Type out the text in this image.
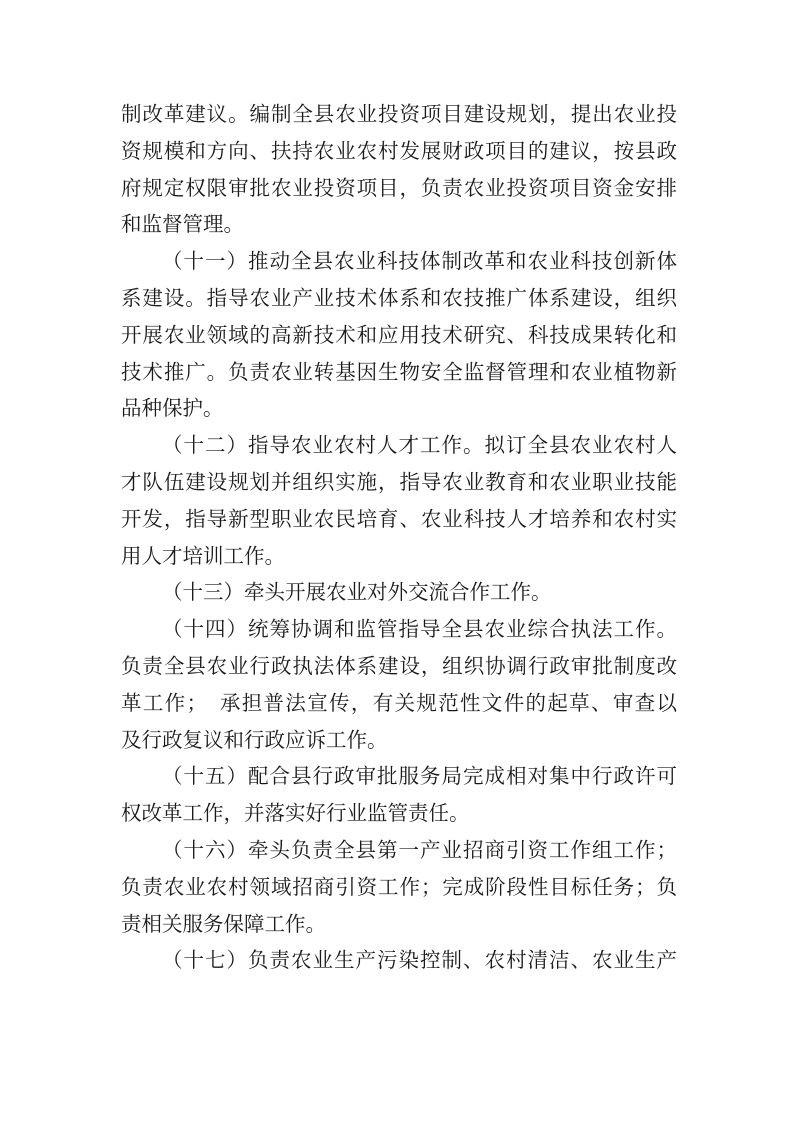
制改革建议。编制全县农业投资项目建设规划，提出农业投
资规模和方向、扶持农业农村发展财政项目的建议，按县政
府规定权限审批农业投资项目，负责农业投资项目资金安排
和监督管理。
（十一）推动全县农业科技体制改革和农业科技创新体
系建设。指导农业产业技术体系和农技推广体系建设，组织
开展农业领域的高新技术和应用技术研究、科技成果转化和
技术推广。负责农业转基因生物安全监督管理和农业植物新
品种保护。
（十二）指导农业农村人才工作。拟订全县农业农村人
才队伍建设规划并组织实施，指导农业教育和农业职业技能
开发，指导新型职业农民培育、农业科技人才培养和农村实
用人才培训工作。
（十三）牵头开展农业对外交流合作工作。
（十四）统筹协调和监管指导全县农业综合执法工作。
负责全县农业行政执法体系建设，组织协调行政审批制度改
革工作；　承担普法宣传，有关规范性文件的起草、审查以
及行政复议和行政应诉工作。
（十五）配合县行政审批服务局完成相对集中行政许可
权改革工作，并落实好行业监管责任。
（十六）牵头负责全县第一产业招商引资工作组工作；
负责农业农村领域招商引资工作；完成阶段性目标任务；负
责相关服务保障工作。
（十七）负责农业生产污染控制、农村清洁、农业生产
